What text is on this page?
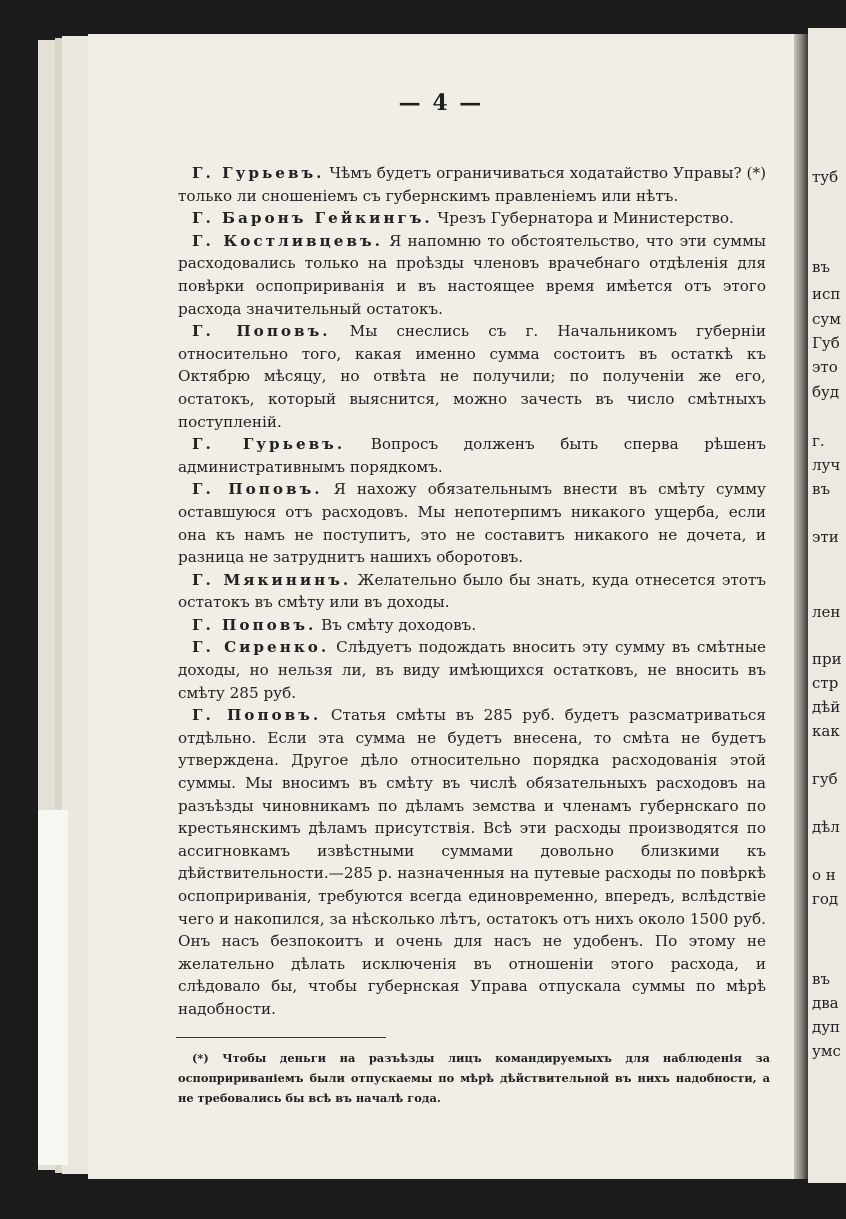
— 4 —

Г. Гурьевъ. Чѣмъ будетъ ограничиваться ходатайство Управы? (*) только ли сношеніемъ съ губернскимъ правленіемъ или нѣтъ.

Г. Баронъ Гейкингъ. Чрезъ Губернатора и Министерство.

Г. Костливцевъ. Я напомню то обстоятельство, что эти суммы расходовались только на проѣзды членовъ врачебнаго отдѣленія для повѣрки оспопририванія и въ настоящее время имѣется отъ этого расхода значительный остатокъ.

Г. Поповъ. Мы снеслись съ г. Начальникомъ губерніи относительно того, какая именно сумма состоитъ въ остаткѣ къ Октябрю мѣсяцу, но отвѣта не получили; по полученіи же его, остатокъ, который выяснится, можно зачесть въ число смѣтныхъ поступленій.

Г. Гурьевъ. Вопросъ долженъ быть сперва рѣшенъ административнымъ порядкомъ.

Г. Поповъ. Я нахожу обязательнымъ внести въ смѣту сумму оставшуюся отъ расходовъ. Мы непотерпимъ никакого ущерба, если она къ намъ не поступитъ, это не составитъ никакого не дочета, и разница не затруднитъ нашихъ оборотовъ.

Г. Мякининъ. Желательно было бы знать, куда отнесется этотъ остатокъ въ смѣту или въ доходы.

Г. Поповъ. Въ смѣту доходовъ.

Г. Сиренко. Слѣдуетъ подождать вносить эту сумму въ смѣтные доходы, но нельзя ли, въ виду имѣющихся остатковъ, не вносить въ смѣту 285 руб.

Г. Поповъ. Статья смѣты въ 285 руб. будетъ разсматриваться отдѣльно. Если эта сумма не будетъ внесена, то смѣта не будетъ утверждена. Другое дѣло относительно порядка расходованія этой суммы. Мы вносимъ въ смѣту въ числѣ обязательныхъ расходовъ на разъѣзды чиновникамъ по дѣламъ земства и членамъ губернскаго по крестьянскимъ дѣламъ присутствія. Всѣ эти расходы производятся по ассигновкамъ извѣстными суммами довольно близкими къ дѣйствительности.—285 р. назначенныя на путевые расходы по повѣркѣ оспопририванія, требуются всегда единовременно, впередъ, вслѣдствіе чего и накопился, за нѣсколько лѣтъ, остатокъ отъ нихъ около 1500 руб. Онъ насъ безпокоитъ и очень для насъ не удобенъ. По этому не желательно дѣлать исключенія въ отношеніи этого расхода, и слѣдовало бы, чтобы губернская Управа отпускала суммы по мѣрѣ надобности.

(*) Чтобы деньги на разъѣзды лицъ командируемыхъ для наблюденія за оспопририваніемъ были отпускаемы по мѣрѣ дѣйствительной въ нихъ надобности, а не требовались бы всѣ въ началѣ года.

туб
въ
исп
сум
Губ
это
буд
г.
луч
въ
эти
лен
при
стр
дѣй
как
губ
дѣл
о н
год
въ
два
дуп
умс
